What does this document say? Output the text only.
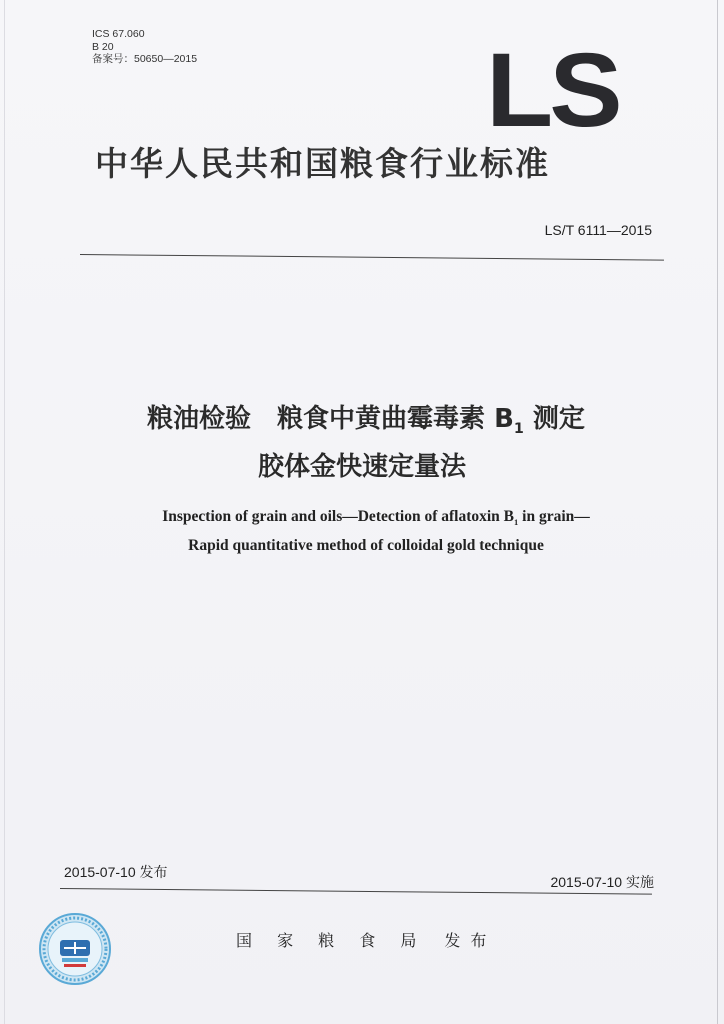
ICS 67.060
B 20
备案号：50650—2015	LS
中华人民共和国粮食行业标准
LS/T 6111—2015
粮油检验　粮食中黄曲霉毒素 $B_1$ 测定
胶体金快速定量法
Inspection of grain and oils—Detection of aflatoxin $B_1$ in grain—
Rapid quantitative method of colloidal gold technique
2015-07-10 发布
2015-07-10 实施
国 家 粮 食 局 发布
